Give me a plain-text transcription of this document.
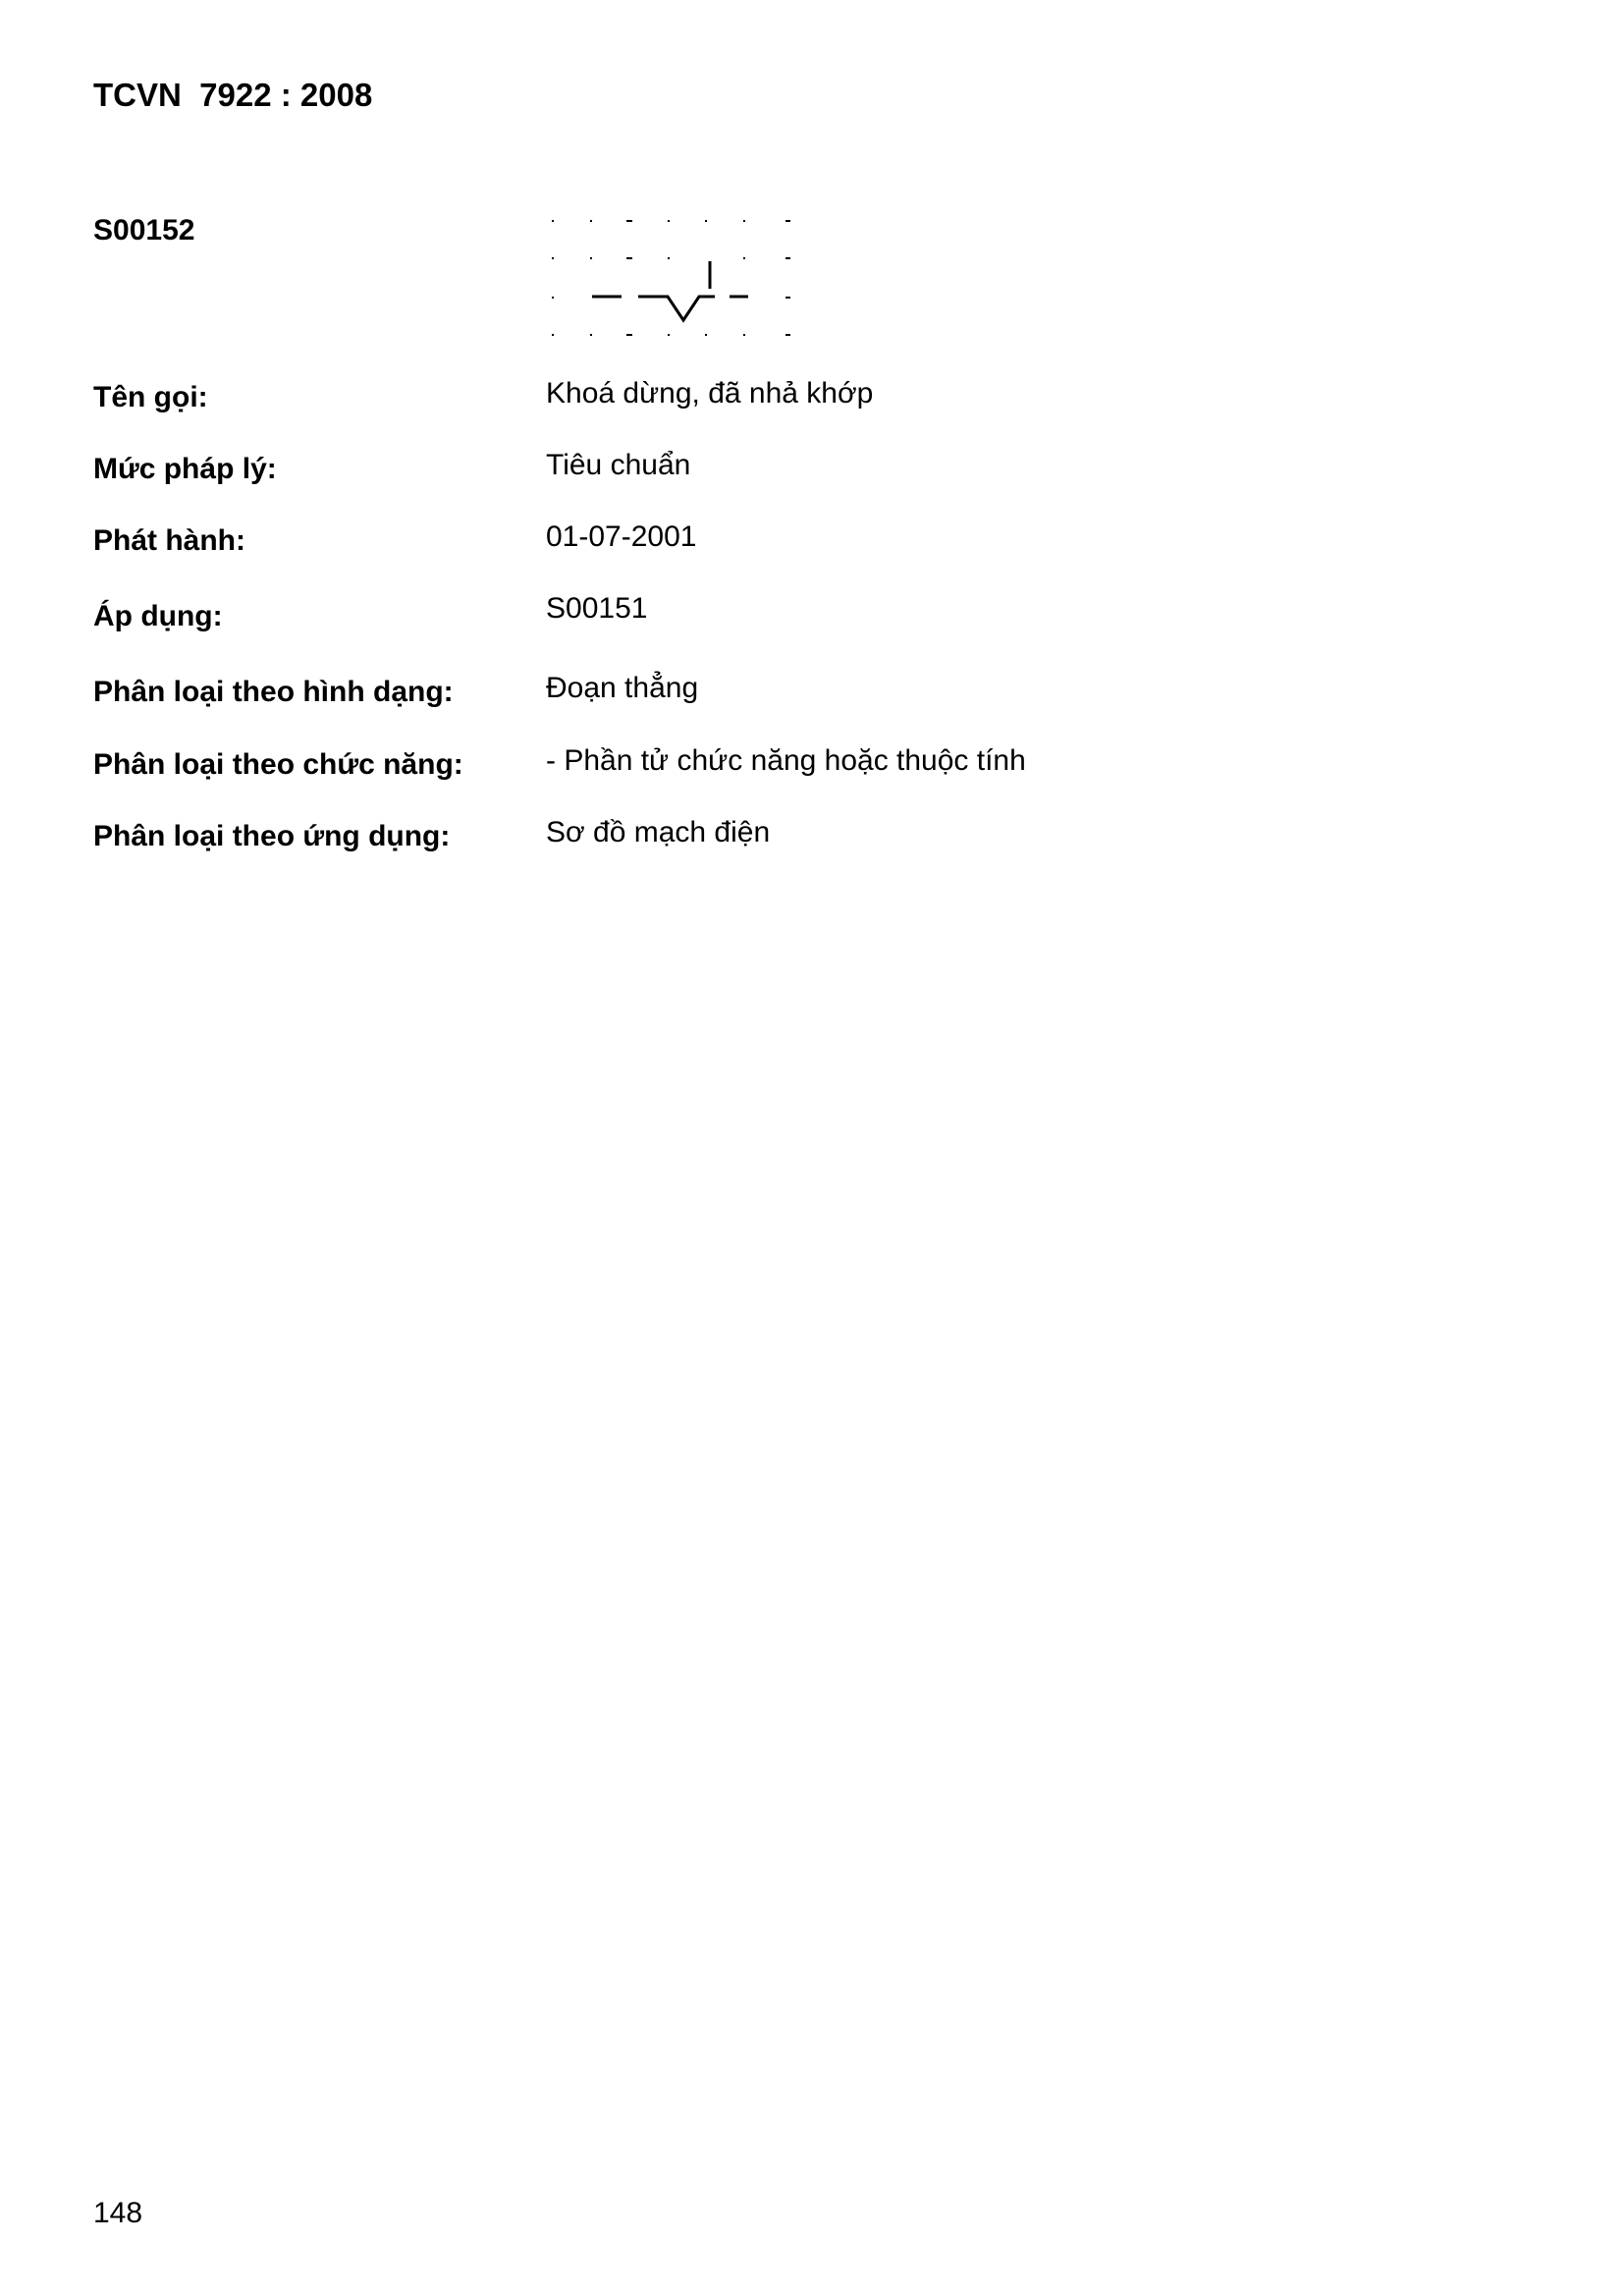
TCVN  7922 : 2008
S00152
Tên gọi:	Khoá dừng, đã nhả khớp
Mức pháp lý:	Tiêu chuẩn
Phát hành:	01-07-2001
Áp dụng:	S00151
Phân loại theo hình dạng:	Đoạn thẳng
Phân loại theo chức năng:	- Phần tử chức năng hoặc thuộc tính
Phân loại theo ứng dụng:	Sơ đồ mạch điện
148
